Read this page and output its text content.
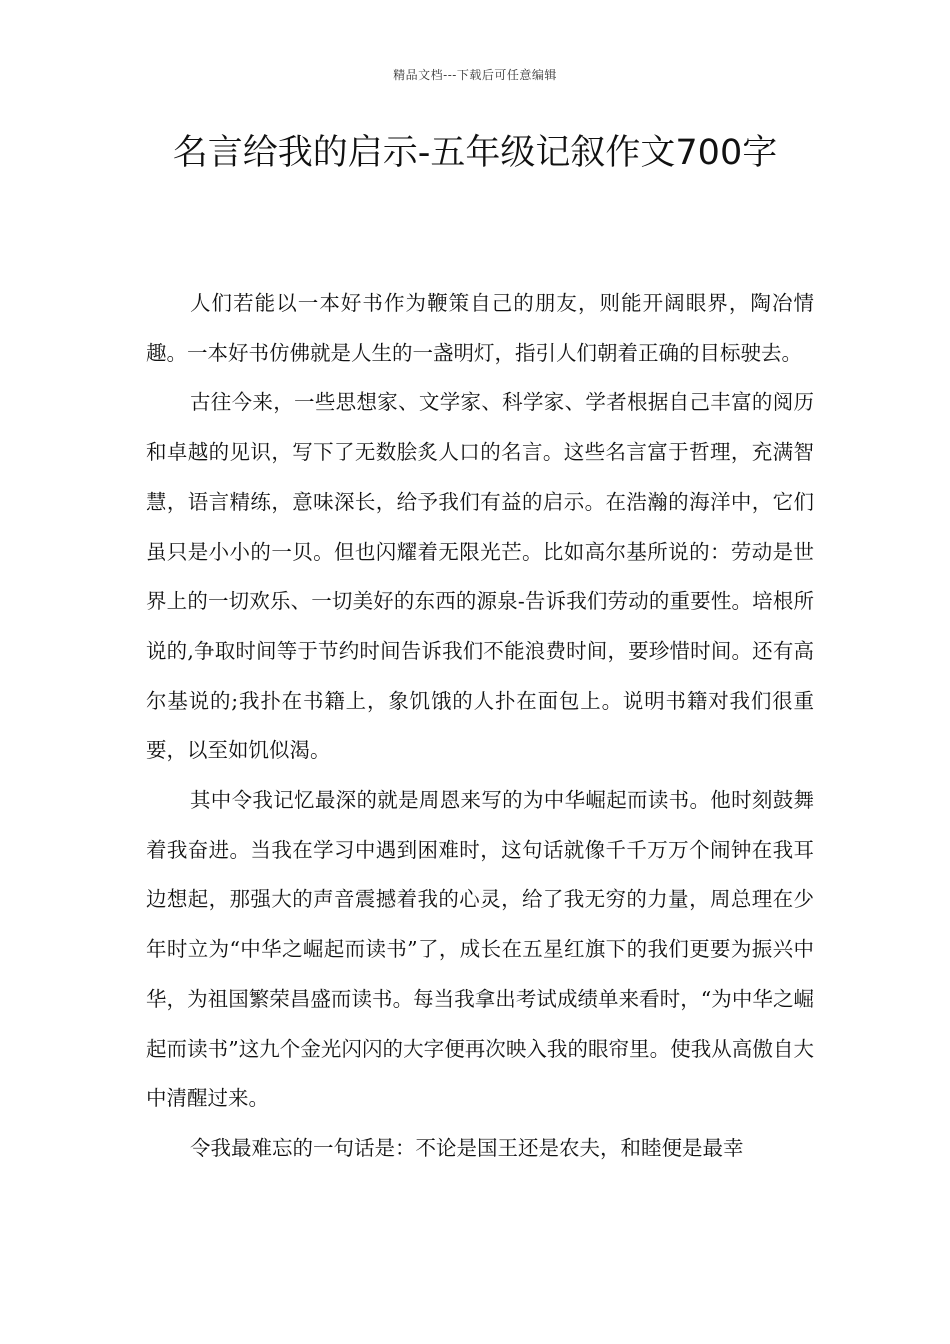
精品文档---下载后可任意编辑
名言给我的启示-五年级记叙作文700字

人们若能以一本好书作为鞭策自己的朋友，则能开阔眼界，陶冶情趣。一本好书仿佛就是人生的一盏明灯，指引人们朝着正确的目标驶去。

古往今来，一些思想家、文学家、科学家、学者根据自己丰富的阅历和卓越的见识，写下了无数脍炙人口的名言。这些名言富于哲理，充满智慧，语言精练，意味深长，给予我们有益的启示。在浩瀚的海洋中，它们虽只是小小的一贝。但也闪耀着无限光芒。比如高尔基所说的：劳动是世界上的一切欢乐、一切美好的东西的源泉-告诉我们劳动的重要性。培根所说的,争取时间等于节约时间告诉我们不能浪费时间，要珍惜时间。还有高尔基说的;我扑在书籍上，象饥饿的人扑在面包上。说明书籍对我们很重要，以至如饥似渴。

其中令我记忆最深的就是周恩来写的为中华崛起而读书。他时刻鼓舞着我奋进。当我在学习中遇到困难时，这句话就像千千万万个闹钟在我耳边想起，那强大的声音震撼着我的心灵，给了我无穷的力量，周总理在少年时立为“中华之崛起而读书”了，成长在五星红旗下的我们更要为振兴中华，为祖国繁荣昌盛而读书。每当我拿出考试成绩单来看时，“为中华之崛起而读书”这九个金光闪闪的大字便再次映入我的眼帘里。使我从高傲自大中清醒过来。

令我最难忘的一句话是：不论是国王还是农夫，和睦便是最幸
